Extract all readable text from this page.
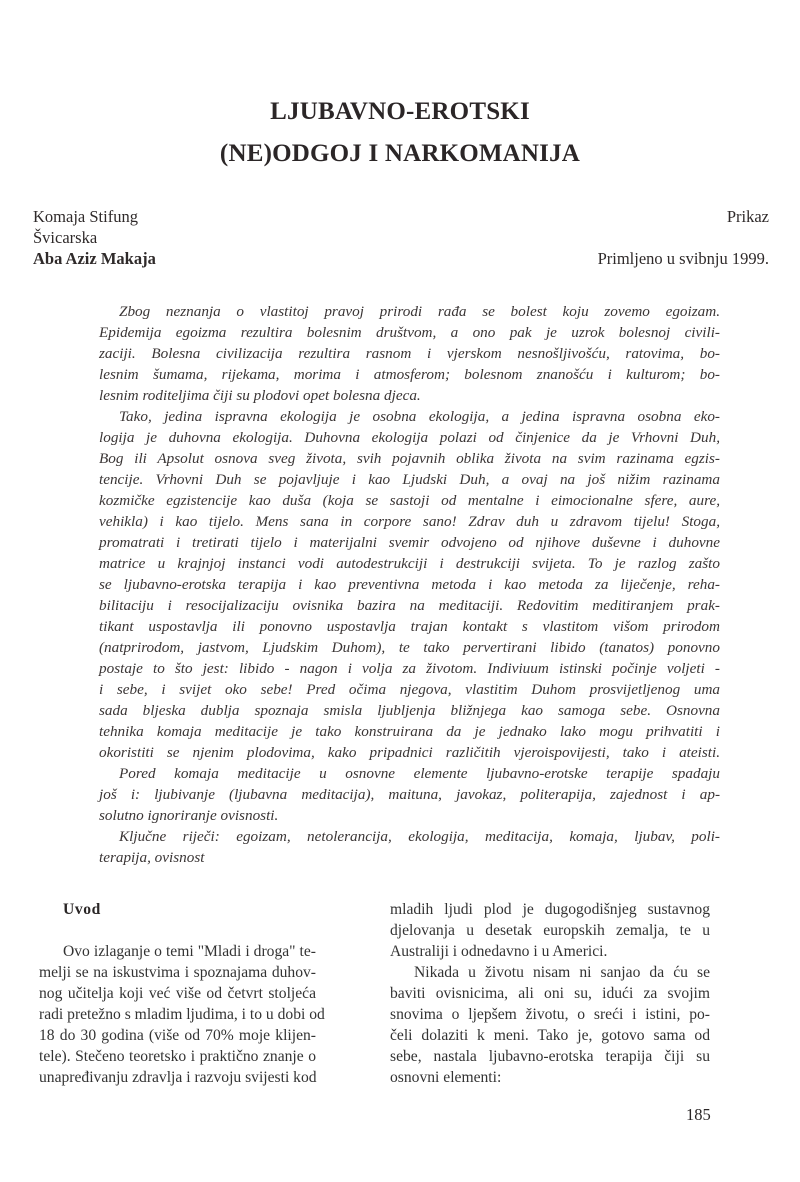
LJUBAVNO-EROTSKI
(NE)ODGOJ I NARKOMANIJA
Komaja Stifung
Švicarska
Aba Aziz Makaja
Prikaz
Primljeno u svibnju 1999.
Zbog neznanja o vlastitoj pravoj prirodi rađa se bolest koju zovemo egoizam.
Epidemija egoizma rezultira bolesnim društvom, a ono pak je uzrok bolesnoj civili-
zaciji. Bolesna civilizacija rezultira rasnom i vjerskom nesnošljivošću, ratovima, bo-
lesnim šumama, rijekama, morima i atmosferom; bolesnom znanošću i kulturom; bo-
lesnim roditeljima čiji su plodovi opet bolesna djeca.
Tako, jedina ispravna ekologija je osobna ekologija, a jedina ispravna osobna eko-
logija je duhovna ekologija. Duhovna ekologija polazi od činjenice da je Vrhovni Duh,
Bog ili Apsolut osnova sveg života, svih pojavnih oblika života na svim razinama egzis-
tencije. Vrhovni Duh se pojavljuje i kao Ljudski Duh, a ovaj na još nižim razinama
kozmičke egzistencije kao duša (koja se sastoji od mentalne i eimocionalne sfere, aure,
vehikla) i kao tijelo. Mens sana in corpore sano! Zdrav duh u zdravom tijelu! Stoga,
promatrati i tretirati tijelo i materijalni svemir odvojeno od njihove duševne i duhovne
matrice u krajnjoj instanci vodi autodestrukciji i destrukciji svijeta. To je razlog zašto
se ljubavno-erotska terapija i kao preventivna metoda i kao metoda za liječenje, reha-
bilitaciju i resocijalizaciju ovisnika bazira na meditaciji. Redovitim meditiranjem prak-
tikant uspostavlja ili ponovno uspostavlja trajan kontakt s vlastitom višom prirodom
(natprirodom, jastvom, Ljudskim Duhom), te tako pervertirani libido (tanatos) ponovno
postaje to što jest: libido - nagon i volja za životom. Indiviuum istinski počinje voljeti -
i sebe, i svijet oko sebe! Pred očima njegova, vlastitim Duhom prosvijetljenog uma
sada bljeska dublja spoznaja smisla ljubljenja bližnjega kao samoga sebe. Osnovna
tehnika komaja meditacije je tako konstruirana da je jednako lako mogu prihvatiti i
okoristiti se njenim plodovima, kako pripadnici različitih vjeroispovijesti, tako i ateisti.
Pored komaja meditacije u osnovne elemente ljubavno-erotske terapije spadaju
još i: ljubivanje (ljubavna meditacija), maituna, javokaz, politerapija, zajednost i ap-
solutno ignoriranje ovisnosti.
Ključne riječi: egoizam, netolerancija, ekologija, meditacija, komaja, ljubav, poli-
terapija, ovisnost
Uvod
Ovo izlaganje o temi "Mladi i droga" te-
melji se na iskustvima i spoznajama duhov-
nog učitelja koji već više od četvrt stoljeća
radi pretežno s mladim ljudima, i to u dobi od
18 do 30 godina (više od 70% moje klijen-
tele). Stečeno teoretsko i praktično znanje o
unapređivanju zdravlja i razvoju svijesti kod
mladih ljudi plod je dugogodišnjeg sustavnog
djelovanja u desetak europskih zemalja, te u
Australiji i odnedavno i u Americi.
Nikada u životu nisam ni sanjao da ću se
baviti ovisnicima, ali oni su, idući za svojim
snovima o ljepšem životu, o sreći i istini, po-
čeli dolaziti k meni. Tako je, gotovo sama od
sebe, nastala ljubavno-erotska terapija čiji su
osnovni elementi:
185
